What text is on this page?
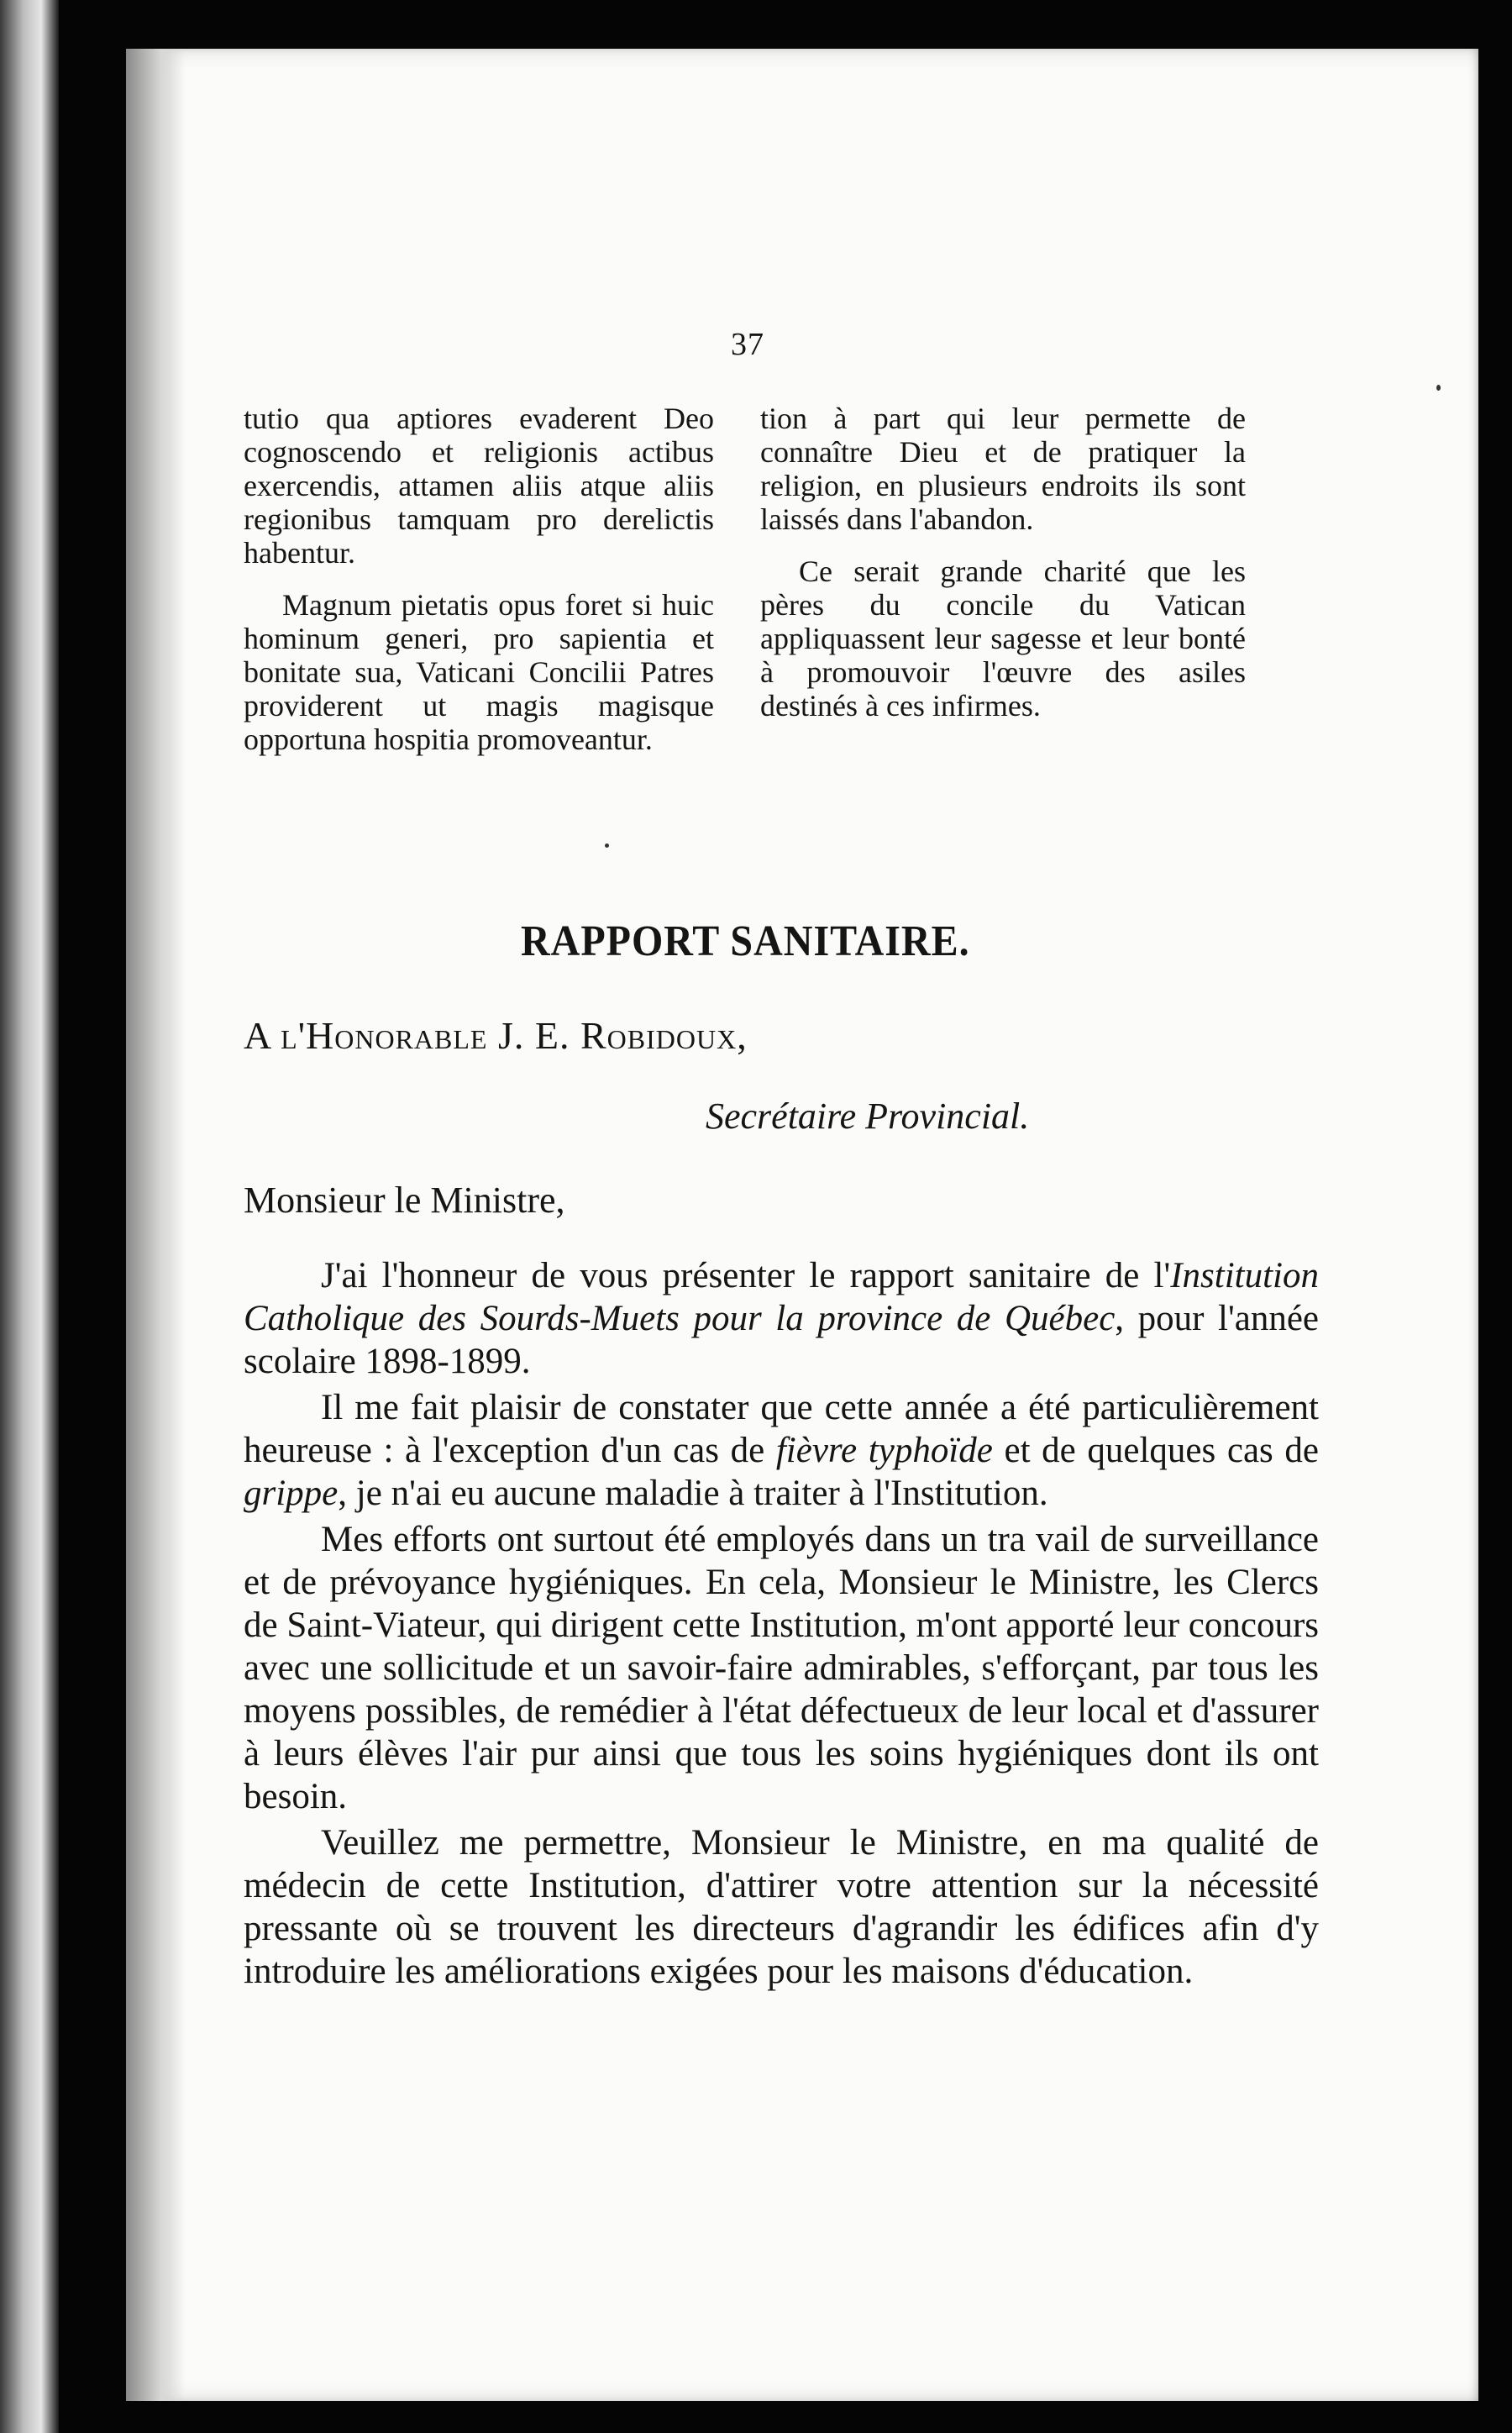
37

tutio qua aptiores evaderent Deo cognoscendo et religionis actibus exercendis, attamen aliis atque aliis regionibus tamquam pro derelictis habentur.

Magnum pietatis opus foret si huic hominum generi, pro sapientia et bonitate sua, Vaticani Concilii Patres providerent ut magis magisque opportuna hospitia promoveantur.

tion à part qui leur permette de connaître Dieu et de pratiquer la religion, en plusieurs endroits ils sont laissés dans l'abandon.

Ce serait grande charité que les pères du concile du Vatican appliquassent leur sagesse et leur bonté à promouvoir l'œuvre des asiles destinés à ces infirmes.

RAPPORT SANITAIRE.
A l'Honorable J. E. Robidoux,
Secrétaire Provincial.
Monsieur le Ministre,

J'ai l'honneur de vous présenter le rapport sanitaire de l'Institution Catholique des Sourds-Muets pour la province de Québec, pour l'année scolaire 1898-1899.

Il me fait plaisir de constater que cette année a été particulièrement heureuse : à l'exception d'un cas de fièvre typhoïde et de quelques cas de grippe, je n'ai eu aucune maladie à traiter à l'Institution.

Mes efforts ont surtout été employés dans un tra vail de surveillance et de prévoyance hygiéniques. En cela, Monsieur le Ministre, les Clercs de Saint-Viateur, qui dirigent cette Institution, m'ont apporté leur concours avec une sollicitude et un savoir-faire admirables, s'efforçant, par tous les moyens possibles, de remédier à l'état défectueux de leur local et d'assurer à leurs élèves l'air pur ainsi que tous les soins hygiéniques dont ils ont besoin.

Veuillez me permettre, Monsieur le Ministre, en ma qualité de médecin de cette Institution, d'attirer votre attention sur la nécessité pressante où se trouvent les directeurs d'agrandir les édifices afin d'y introduire les améliorations exigées pour les maisons d'éducation.
